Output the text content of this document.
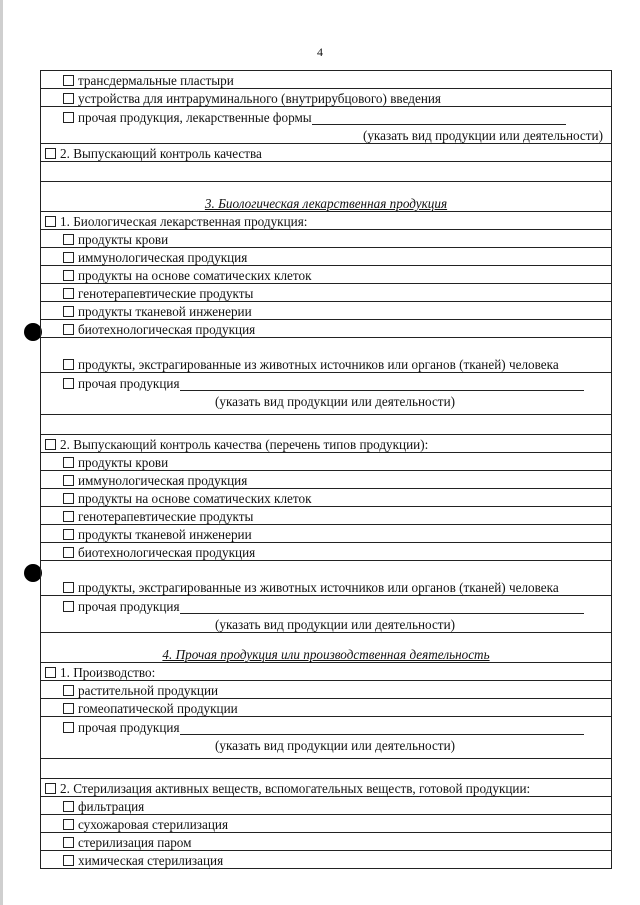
4
трансдермальные пластыри
устройства для интраруминального (внутрирубцового) введения
прочая продукция, лекарственные формы
(указать вид продукции или деятельности)

2. Выпускающий контроль качества

3. Биологическая лекарственная продукция
1. Биологическая лекарственная продукция:
продукты крови
иммунологическая продукция
продукты на основе соматических клеток
генотерапевтические продукты
продукты тканевой инженерии
биотехнологическая продукция
продукты, экстрагированные из животных источников или органов (тканей) человека
прочая продукция
(указать вид продукции или деятельности)

2. Выпускающий контроль качества (перечень типов продукции):
продукты крови
иммунологическая продукция
продукты на основе соматических клеток
генотерапевтические продукты
продукты тканевой инженерии
биотехнологическая продукция
продукты, экстрагированные из животных источников или органов (тканей) человека
прочая продукция
(указать вид продукции или деятельности)

4. Прочая продукция или производственная деятельность
1. Производство:
растительной продукции
гомеопатической продукции
прочая продукция
(указать вид продукции или деятельности)

2. Стерилизация активных веществ, вспомогательных веществ, готовой продукции:
фильтрация
сухожаровая стерилизация
стерилизация паром
химическая стерилизация
